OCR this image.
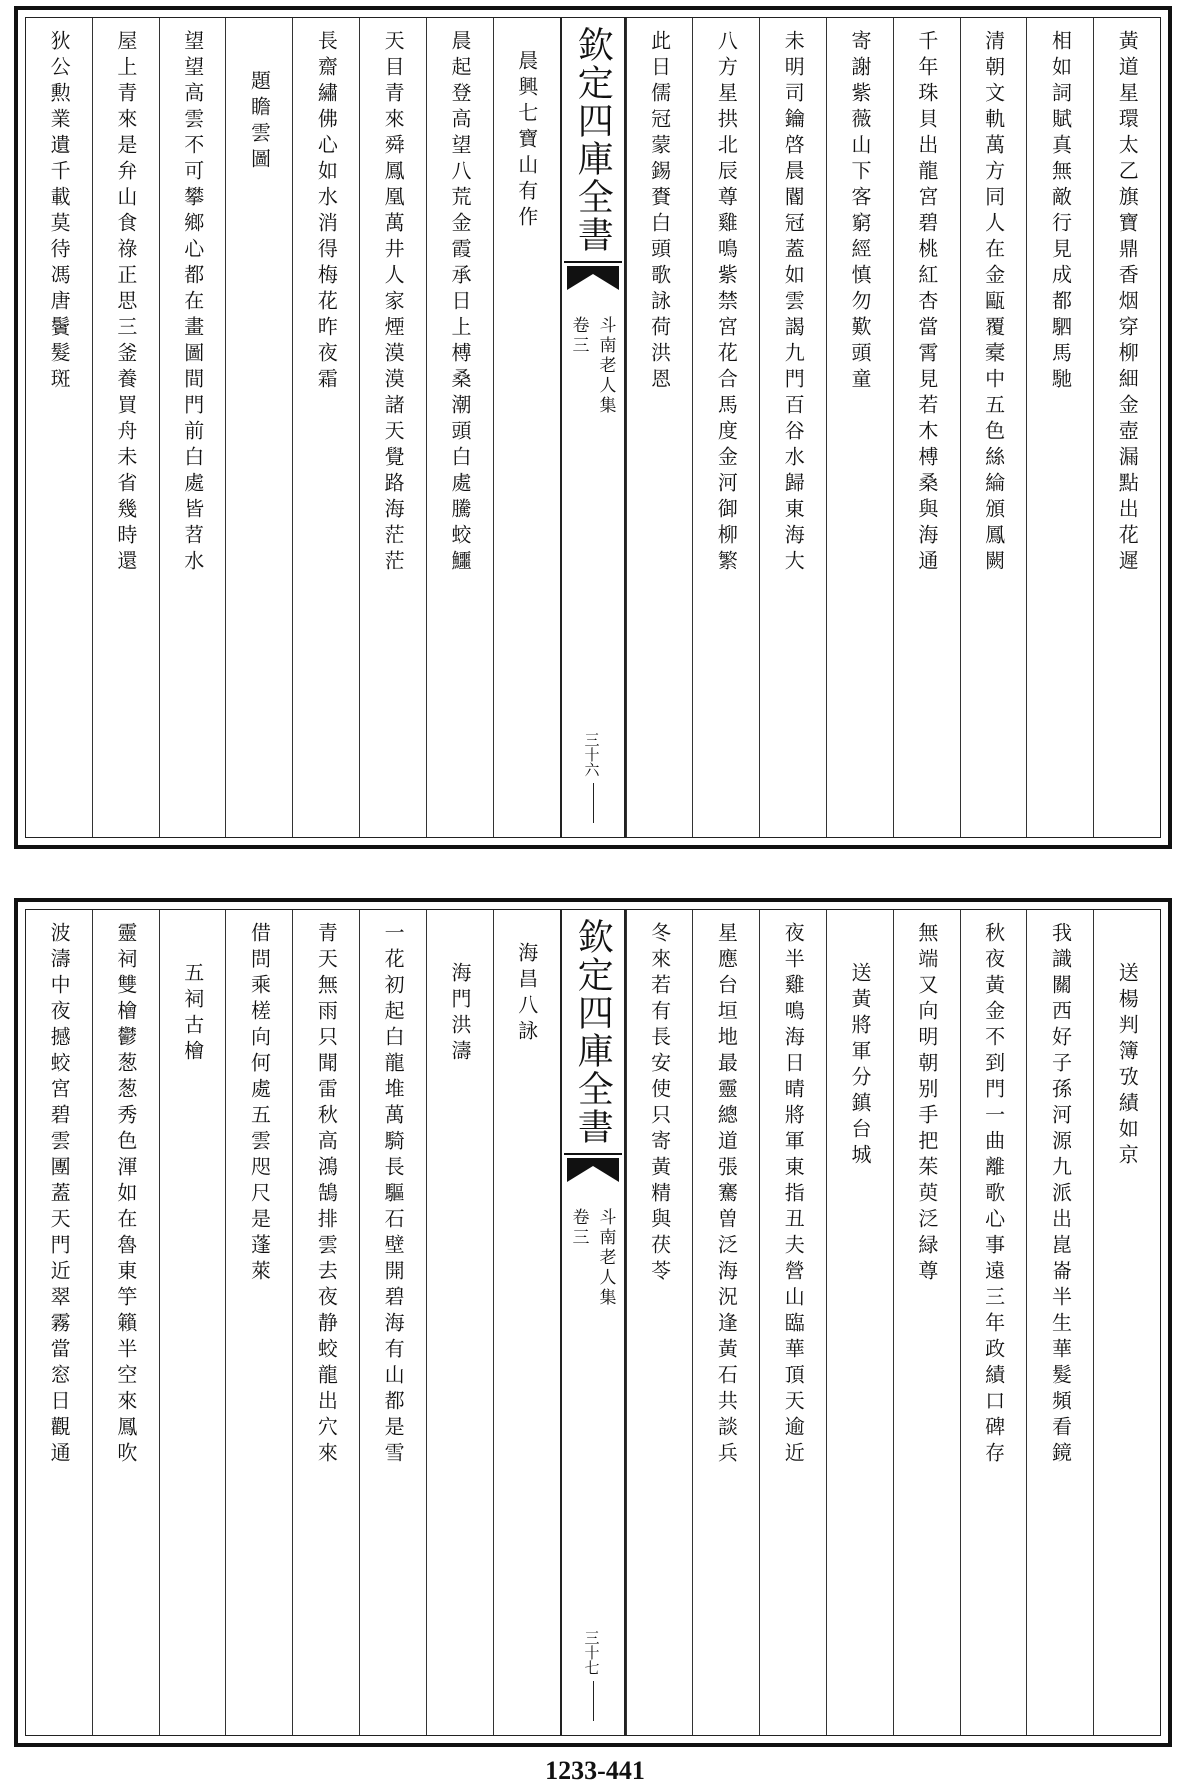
黃道星環太乙旗寶鼎香烟穿柳細金壺漏點出花遲
相如詞賦真無敵行見成都駟馬馳
清朝文軌萬方同人在金甌覆槖中五色絲綸頒鳳闕
千年珠貝出龍宮碧桃紅杏當霄見若木榑桑與海通
寄謝紫薇山下客窮經慎勿歎頭童
未明司鑰啓晨閽冠蓋如雲謁九門百谷水歸東海大
八方星拱北辰尊雞鳴紫禁宮花合馬度金河御柳繁
此日儒冠蒙錫賚白頭歌詠荷洪恩
欽定四庫全書
斗南老人集
卷三
三十六
晨興七寶山有作
晨起登高望八荒金霞承日上榑桑潮頭白處騰蛟鱷
天目青來舜鳳凰萬井人家煙漠漠諸天覺路海茫茫
長齋繡佛心如水消得梅花昨夜霜
題瞻雲圖
望望高雲不可攀鄉心都在畫圖間門前白處皆苕水
屋上青來是弁山食祿正思三釜養買舟未省幾時還
狄公勲業遺千載莫待馮唐鬢髮斑
送楊判簿攷績如京
我識關西好子孫河源九派出崑崙半生華髮頻看鏡
秋夜黃金不到門一曲離歌心事遠三年政績口碑存
無端又向明朝别手把茱萸泛緑尊
送黃將軍分鎮台城
夜半雞鳴海日晴將軍東指丑夫營山臨華頂天逾近
星應台垣地最靈總道張騫曽泛海況逢黃石共談兵
冬來若有長安使只寄黃精與茯苓
欽定四庫全書
斗南老人集
卷三
三十七
海昌八詠
海門洪濤
一花初起白龍堆萬騎長驅石壁開碧海有山都是雪
青天無雨只聞雷秋高鴻鵠排雲去夜静蛟龍出穴來
借問乘槎向何處五雲咫尺是蓬萊
五祠古檜
靈祠雙檜鬱葱葱秀色渾如在魯東竽籟半空來鳳吹
波濤中夜撼蛟宮碧雲團蓋天門近翠霧當窓日觀通
1233-441
